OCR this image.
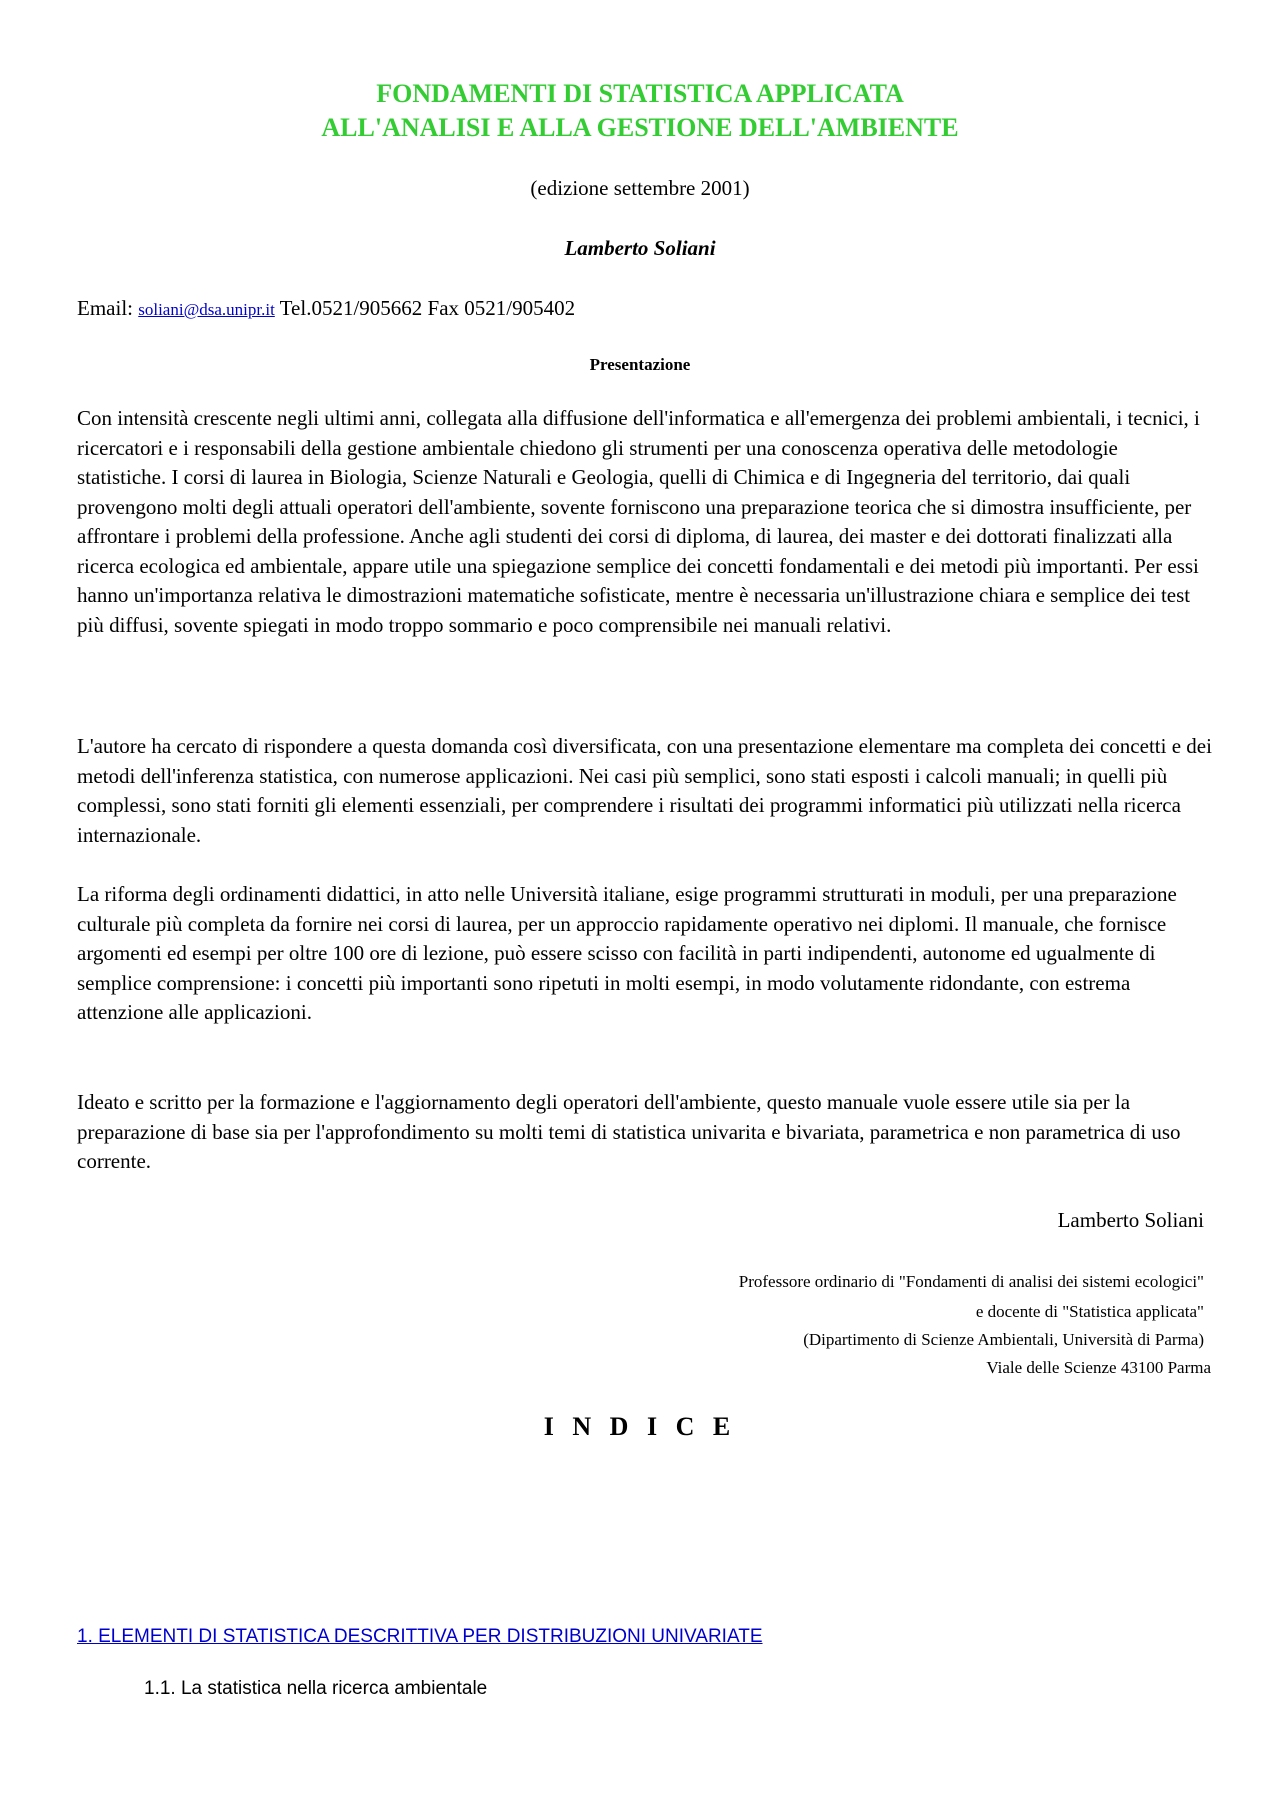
FONDAMENTI DI STATISTICA APPLICATA
ALL'ANALISI E ALLA GESTIONE DELL'AMBIENTE
(edizione settembre 2001)
Lamberto Soliani
Email: soliani@dsa.unipr.it Tel.0521/905662 Fax 0521/905402
Presentazione

Con intensità crescente negli ultimi anni, collegata alla diffusione dell'informatica e all'emergenza dei problemi ambientali, i tecnici, i ricercatori e i responsabili della gestione ambientale chiedono gli strumenti per una conoscenza operativa delle metodologie statistiche. I corsi di laurea in Biologia, Scienze Naturali e Geologia, quelli di Chimica e di Ingegneria del territorio, dai quali provengono molti degli attuali operatori dell'ambiente, sovente forniscono una preparazione teorica che si dimostra insufficiente, per affrontare i problemi della professione. Anche agli studenti dei corsi di diploma, di laurea, dei master e dei dottorati finalizzati alla ricerca ecologica ed ambientale, appare utile una spiegazione semplice dei concetti fondamentali e dei metodi più importanti. Per essi hanno un'importanza relativa le dimostrazioni matematiche sofisticate, mentre è necessaria un'illustrazione chiara e semplice dei test più diffusi, sovente spiegati in modo troppo sommario e poco comprensibile nei manuali relativi.

L'autore ha cercato di rispondere a questa domanda così diversificata, con una presentazione elementare ma completa dei concetti e dei metodi dell'inferenza statistica, con numerose applicazioni. Nei casi più semplici, sono stati esposti i calcoli manuali; in quelli più complessi, sono stati forniti gli elementi essenziali, per comprendere i risultati dei programmi informatici più utilizzati nella ricerca internazionale.

La riforma degli ordinamenti didattici, in atto nelle Università italiane, esige programmi strutturati in moduli, per una preparazione culturale più completa da fornire nei corsi di laurea, per un approccio rapidamente operativo nei diplomi. Il manuale, che fornisce argomenti ed esempi per oltre 100 ore di lezione, può essere scisso con facilità in parti indipendenti, autonome ed ugualmente di semplice comprensione: i concetti più importanti sono ripetuti in molti esempi, in modo volutamente ridondante, con estrema attenzione alle applicazioni.

Ideato e scritto per la formazione e l'aggiornamento degli operatori dell'ambiente, questo manuale vuole essere utile sia per la preparazione di base sia per l'approfondimento su molti temi di statistica univarita e bivariata, parametrica e non parametrica di uso corrente.

Lamberto Soliani
Professore ordinario di "Fondamenti di analisi dei sistemi ecologici"
e docente di "Statistica applicata"
(Dipartimento di Scienze Ambientali, Università di Parma)
Viale delle Scienze 43100 Parma
I N D I C E
1. ELEMENTI DI STATISTICA DESCRITTIVA PER DISTRIBUZIONI UNIVARIATE
1.1. La statistica nella ricerca ambientale
